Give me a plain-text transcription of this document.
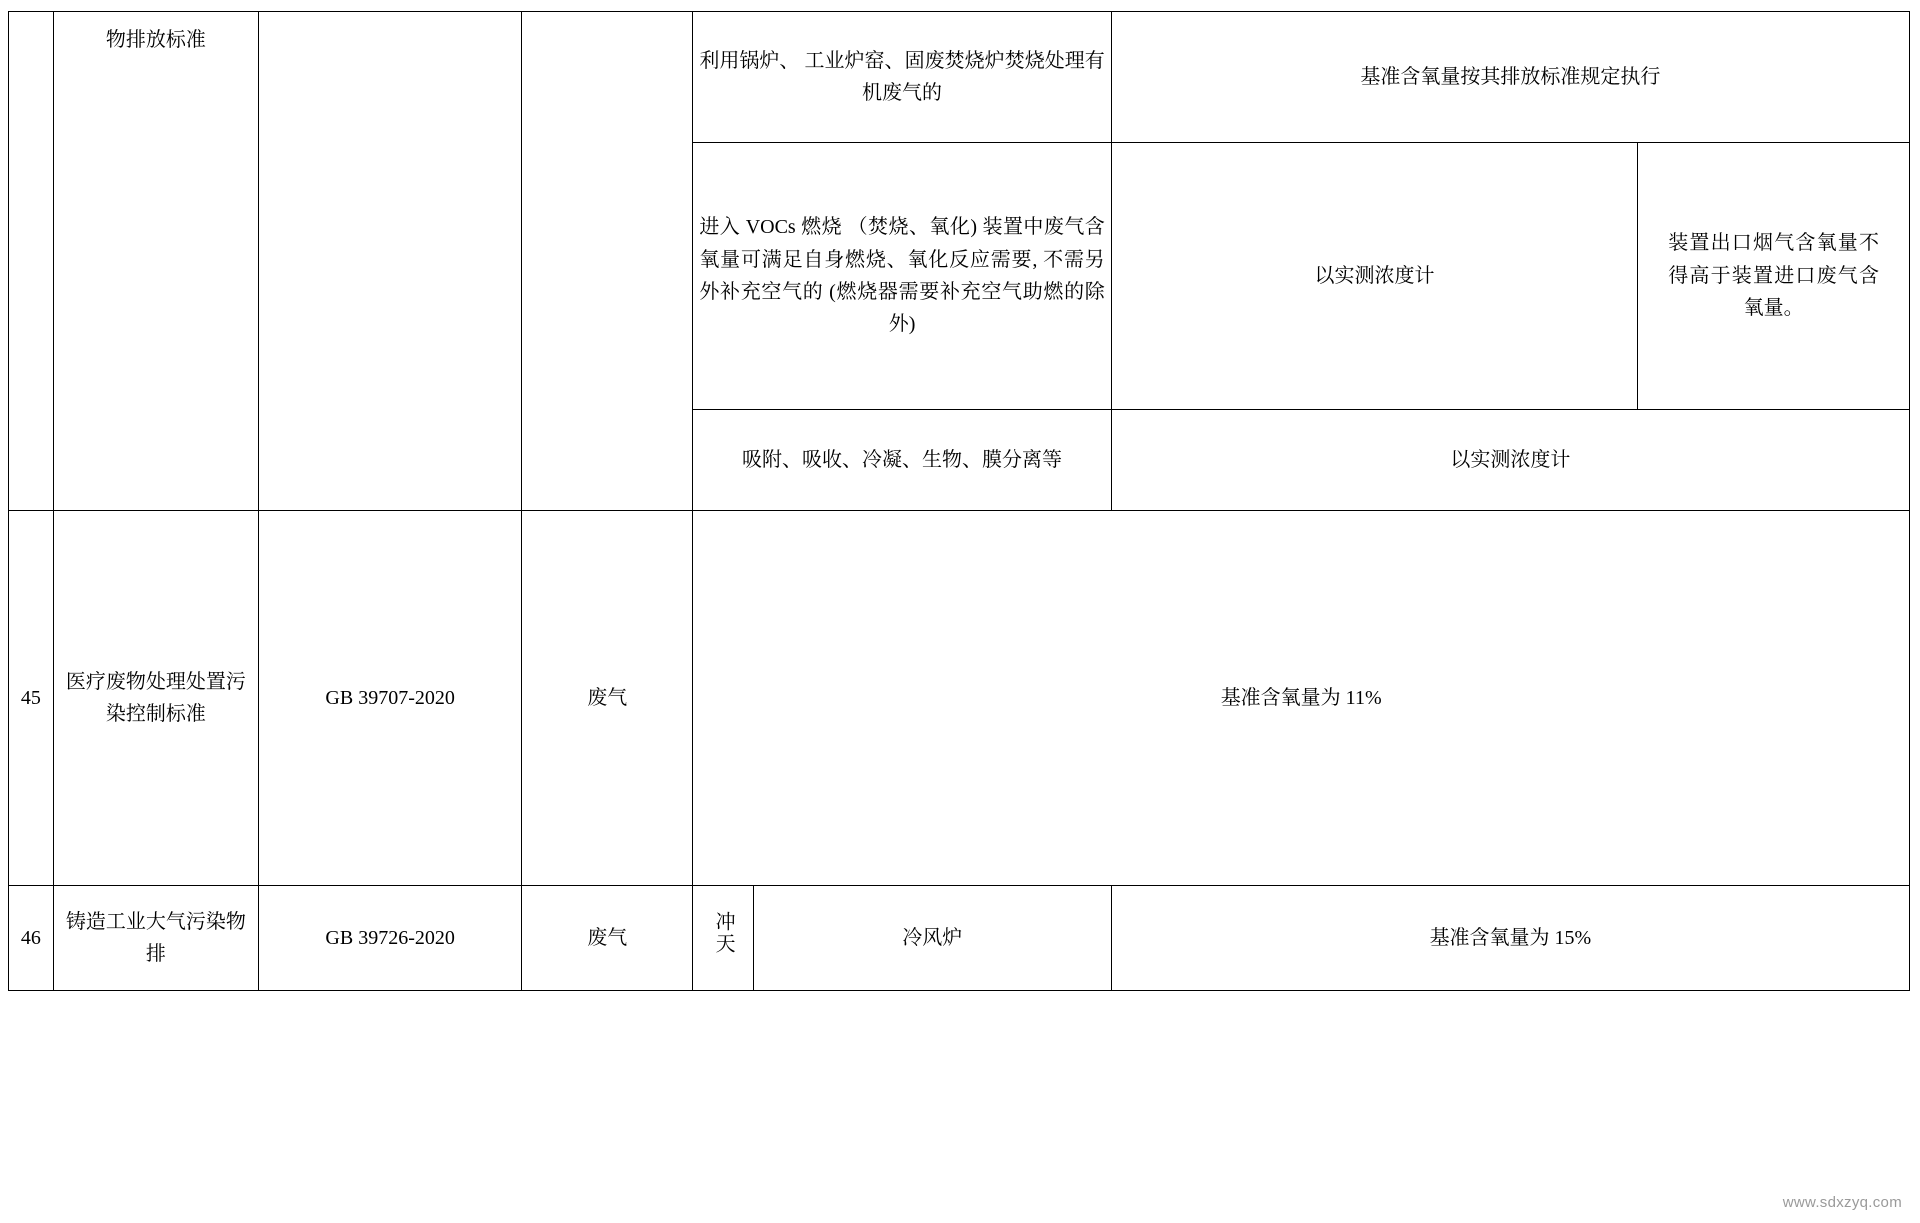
	物排放标准			利用锅炉、 工业炉窑、固废焚烧炉焚烧处理有机废气的		基准含氧量按其排放标准规定执行	
				进入 VOCs 燃烧 （焚烧、氧化) 装置中废气含氧量可满足自身燃烧、氧化反应需要, 不需另外补充空气的 (燃烧器需要补充空气助燃的除外)		以实测浓度计	装置出口烟气含氧量不得高于装置进口废气含氧量。
				吸附、吸收、冷凝、生物、膜分离等		以实测浓度计	
45	医疗废物处理处置污染控制标准	GB 39707-2020	废气	基准含氧量为 11%			
46	铸造工业大气污染物排	GB 39726-2020	废气	冲天	冷风炉	基准含氧量为 15%	
www.sdxzyq.com
